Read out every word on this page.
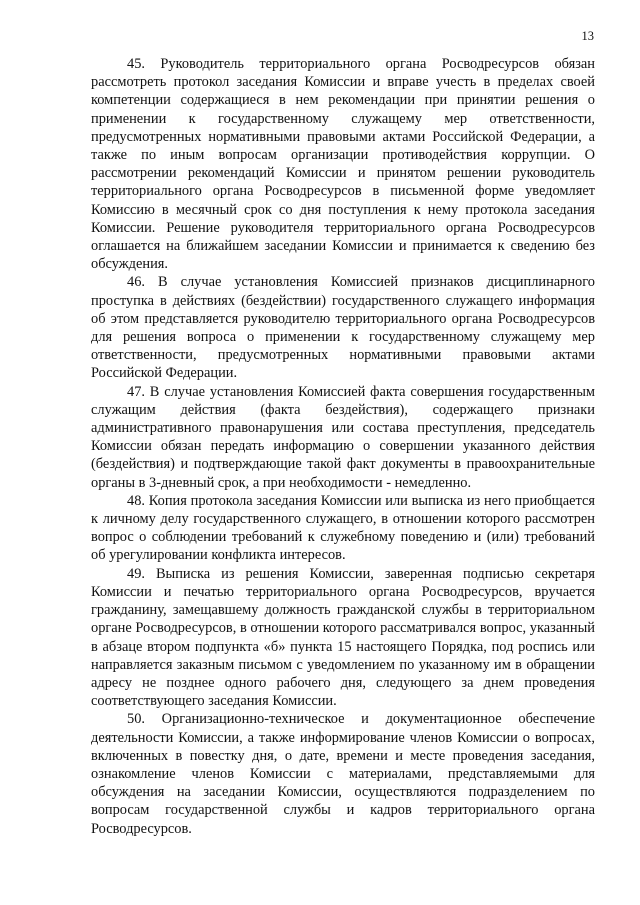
13

45. Руководитель территориального органа Росводресурсов обязан рассмотреть протокол заседания Комиссии и вправе учесть в пределах своей компетенции содержащиеся в нем рекомендации при принятии решения о применении к государственному служащему мер ответственности, предусмотренных нормативными правовыми актами Российской Федерации, а также по иным вопросам организации противодействия коррупции. О рассмотрении рекомендаций Комиссии и принятом решении руководитель территориального органа Росводресурсов в письменной форме уведомляет Комиссию в месячный срок со дня поступления к нему протокола заседания Комиссии. Решение руководителя территориального органа Росводресурсов оглашается на ближайшем заседании Комиссии и принимается к сведению без обсуждения.

46. В случае установления Комиссией признаков дисциплинарного проступка в действиях (бездействии) государственного служащего информация об этом представляется руководителю территориального органа Росводресурсов для решения вопроса о применении к государственному служащему мер ответственности, предусмотренных нормативными правовыми актами Российской Федерации.

47. В случае установления Комиссией факта совершения государственным служащим действия (факта бездействия), содержащего признаки административного правонарушения или состава преступления, председатель Комиссии обязан передать информацию о совершении указанного действия (бездействия) и подтверждающие такой факт документы в правоохранительные органы в 3-дневный срок, а при необходимости - немедленно.

48. Копия протокола заседания Комиссии или выписка из него приобщается к личному делу государственного служащего, в отношении которого рассмотрен вопрос о соблюдении требований к служебному поведению и (или) требований об урегулировании конфликта интересов.

49. Выписка из решения Комиссии, заверенная подписью секретаря Комиссии и печатью территориального органа Росводресурсов, вручается гражданину, замещавшему должность гражданской службы в территориальном органе Росводресурсов, в отношении которого рассматривался вопрос, указанный в абзаце втором подпункта «б» пункта 15 настоящего Порядка, под роспись или направляется заказным письмом с уведомлением по указанному им в обращении адресу не позднее одного рабочего дня, следующего за днем проведения соответствующего заседания Комиссии.

50. Организационно-техническое и документационное обеспечение деятельности Комиссии, а также информирование членов Комиссии о вопросах, включенных в повестку дня, о дате, времени и месте проведения заседания, ознакомление членов Комиссии с материалами, представляемыми для обсуждения на заседании Комиссии, осуществляются подразделением по вопросам государственной службы и кадров территориального органа Росводресурсов.
